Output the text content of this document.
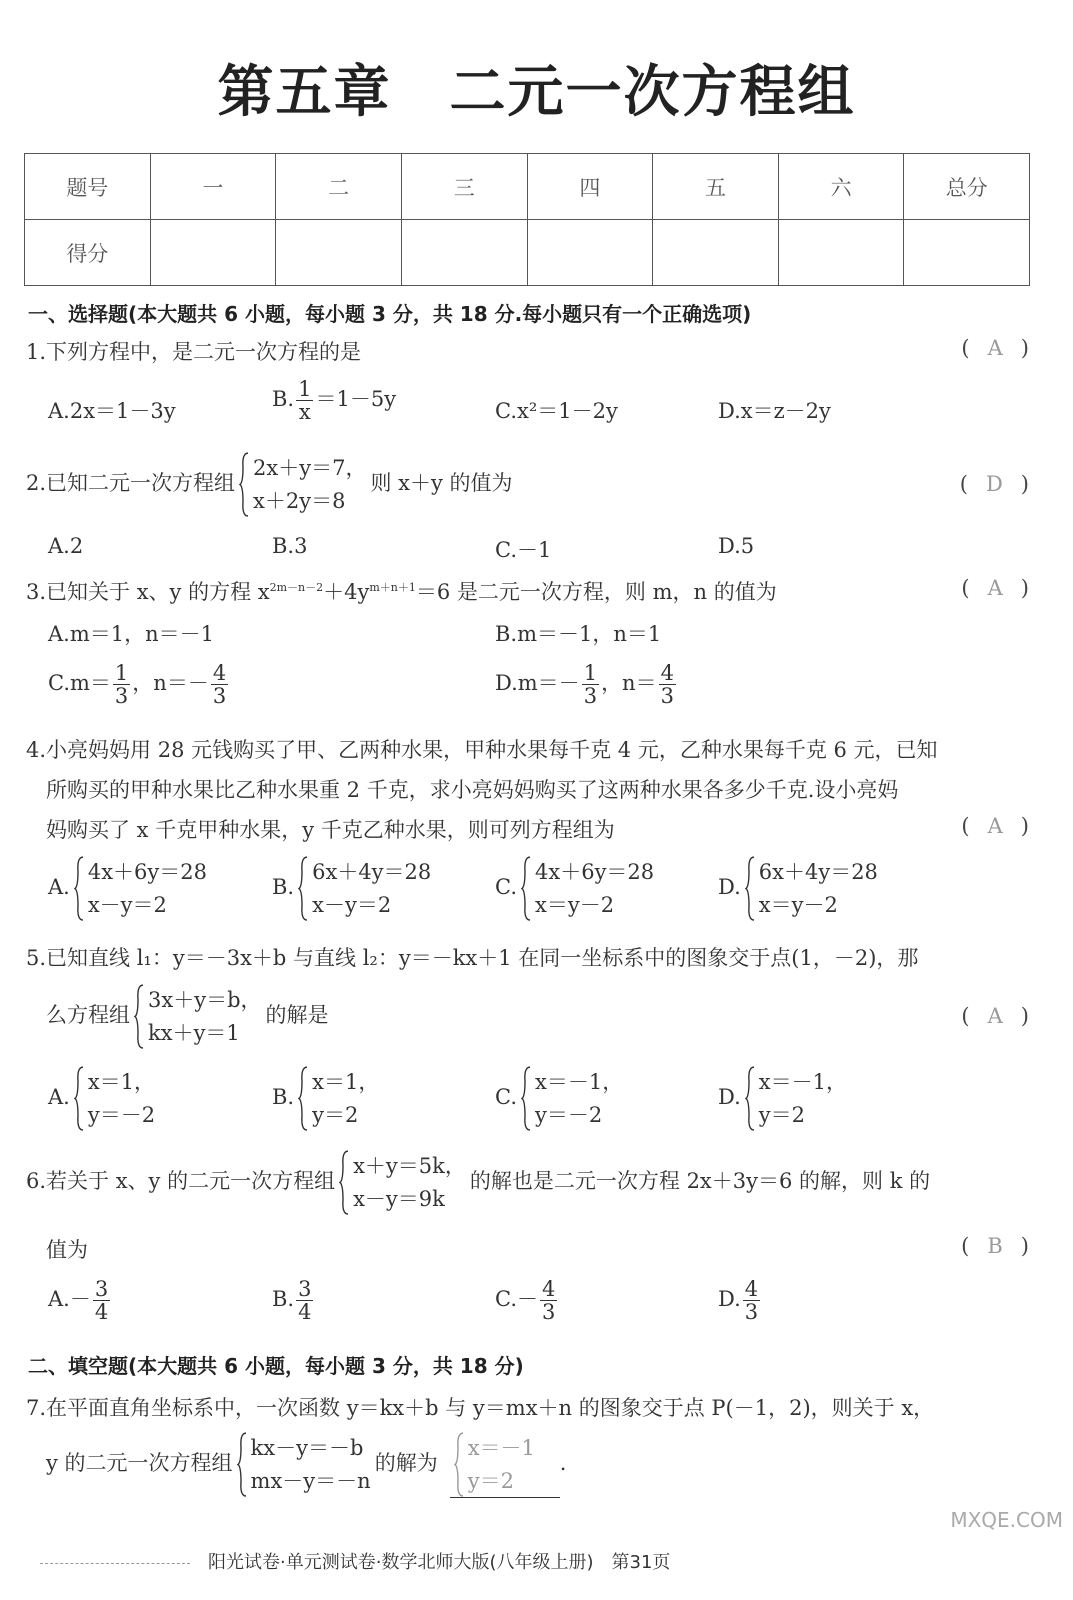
第五章　二元一次方程组
题号	一	二	三	四	五	六	总分
得分							
一、选择题(本大题共 6 小题，每小题 3 分，共 18 分.每小题只有一个正确选项)
1.下列方程中，是二元一次方程的是	( A )
A.2x＝1－3y	B. $\frac{1}{x} =1-5y$	C.x²＝1－2y	D.x＝z－2y
2.已知二元一次方程组
2x＋y＝7，
x＋2y＝8
则 x＋y 的值为	( D )
A.2	B.3	C.－1	D.5
3.已知关于 x、y 的方程 $x^{2m-n-2}+4y^{m+n+1}=6$ 是二元一次方程，则 m，n 的值为	( A )
A.m＝1，n＝－1	B.m＝－1，n＝1
$C.m= \frac{1}{3}$ ，$n=- \frac{4}{3}$	$D.m=- \frac{1}{3}$ ，$n= \frac{4}{3}$
4.小亮妈妈用 28 元钱购买了甲、乙两种水果，甲种水果每千克 4 元，乙种水果每千克 6 元，已知
所购买的甲种水果比乙种水果重 2 千克，求小亮妈妈购买了这两种水果各多少千克.设小亮妈
妈购买了 x 千克甲种水果，y 千克乙种水果，则可列方程组为	( A )
A.
4x＋6y＝28
x－y＝2
B.
6x＋4y＝28
x－y＝2
C.
4x＋6y＝28
x＝y－2
D.
6x＋4y＝28
x＝y－2
5.已知直线 l₁：y＝－3x＋b 与直线 l₂：y＝－kx＋1 在同一坐标系中的图象交于点(1，－2)，那
么方程组
3x＋y＝b，
kx＋y＝1
的解是	( A )
A.
x＝1，
y＝－2
B.
x＝1，
y＝2
C.
x＝－1，
y＝－2
D.
x＝－1，
y＝2
6.若关于 x、y 的二元一次方程组
x＋y＝5k，
x－y＝9k
的解也是二元一次方程 2x＋3y＝6 的解，则 k 的
值为	( B )
$A.- \frac{3}{4}$	B. $\frac{3}{4}$	$C.- \frac{4}{3}$	D. $\frac{4}{3}$
二、填空题(本大题共 6 小题，每小题 3 分，共 18 分)
7.在平面直角坐标系中，一次函数 y＝kx＋b 与 y＝mx＋n 的图象交于点 P(－1，2)，则关于 x，
y 的二元一次方程组
kx－y＝－b
mx－y＝－n
的解为
x＝－1
y＝2
.
MXQE.COM
阳光试卷·单元测试卷·数学北师大版(八年级上册)　第31页
